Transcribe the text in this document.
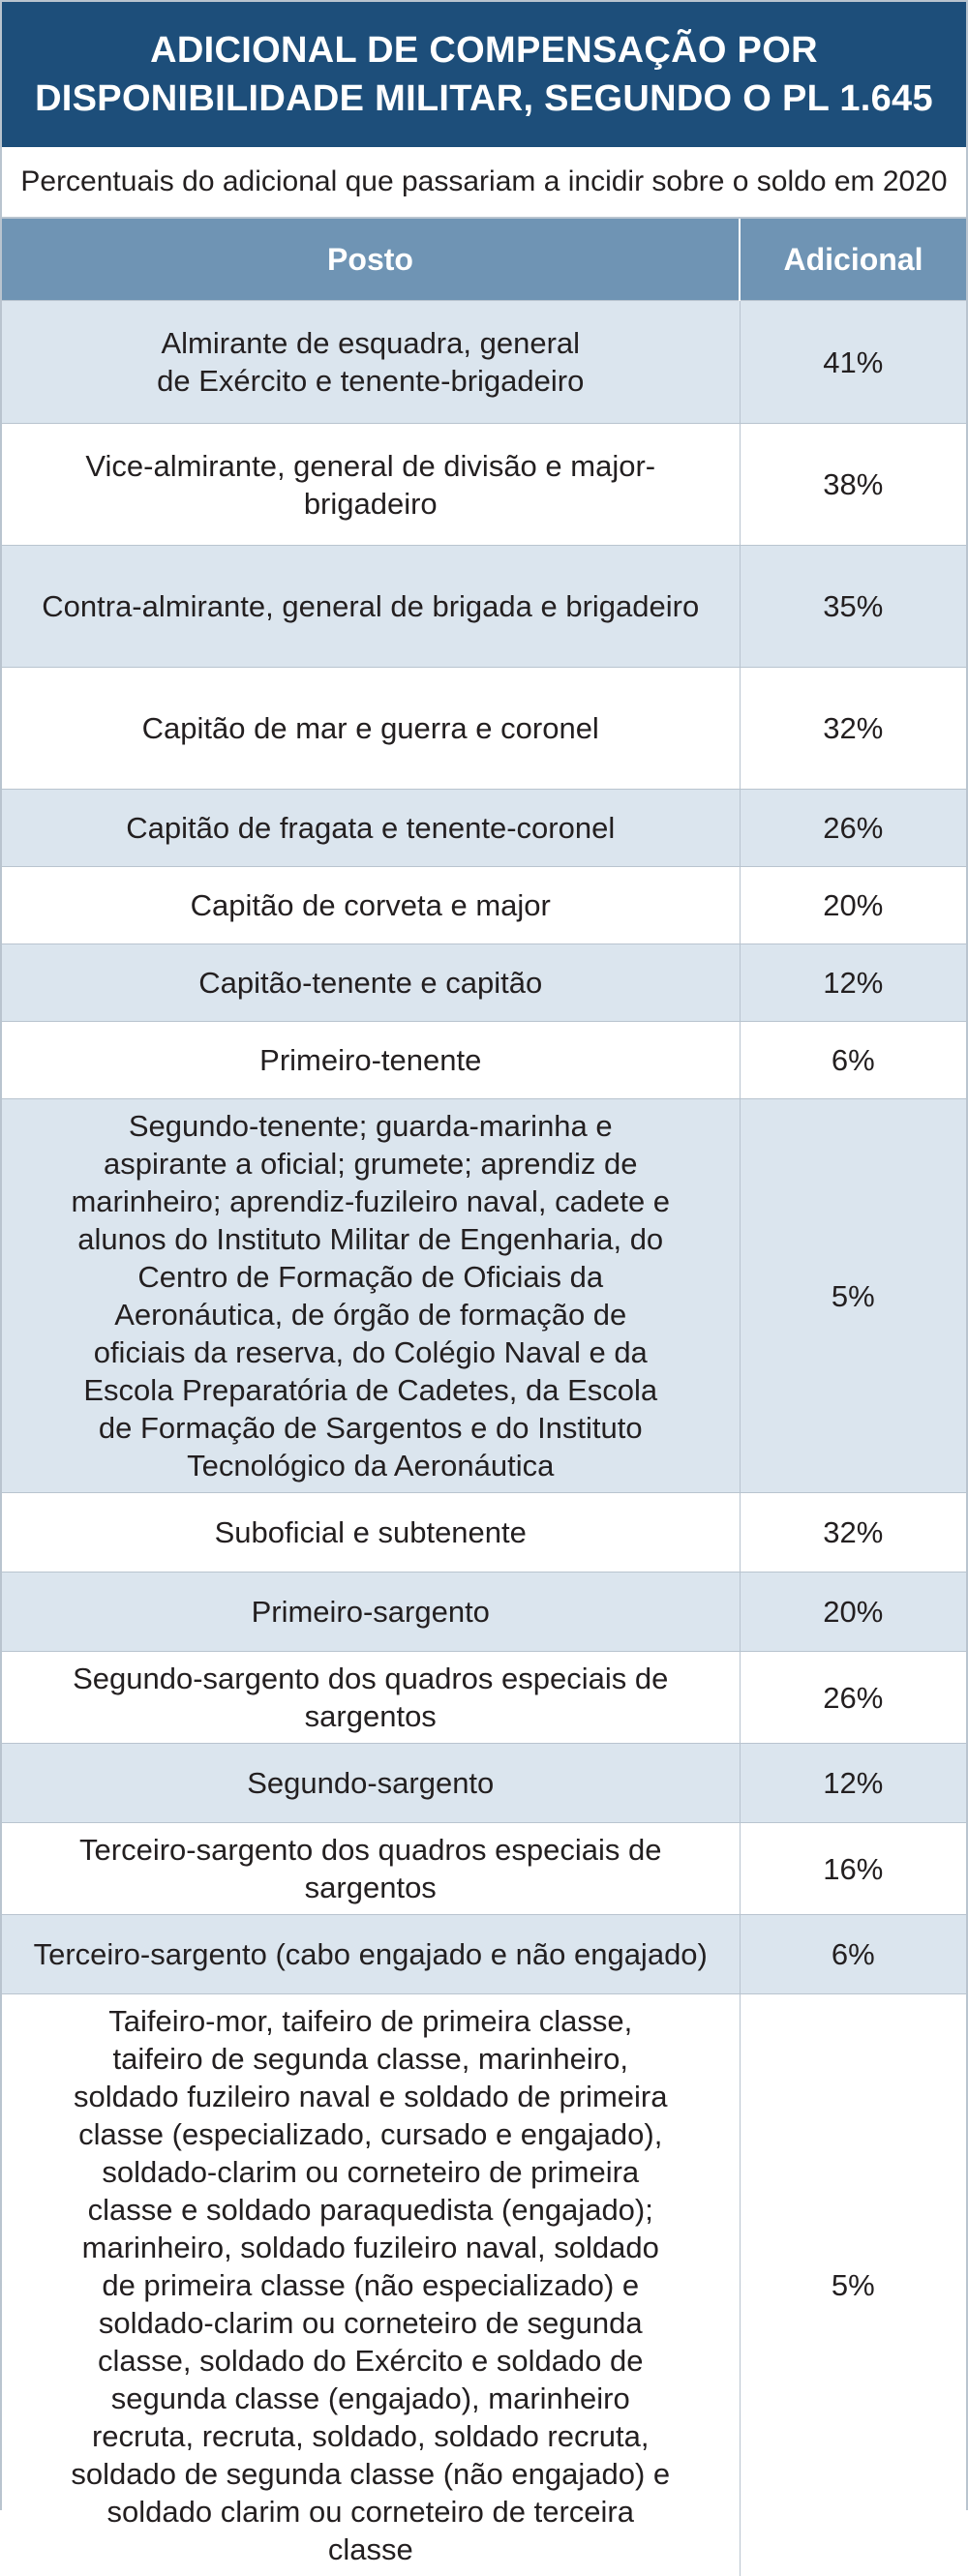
ADICIONAL DE COMPENSAÇÃO POR
DISPONIBILIDADE MILITAR, SEGUNDO O PL 1.645
Percentuais do adicional que passariam a incidir sobre o soldo em 2020
Posto	Adicional
Almirante de esquadra, general de Exército e tenente-brigadeiro	41%
Vice-almirante, general de divisão e major-brigadeiro	38%
Contra-almirante, general de brigada e brigadeiro	35%
Capitão de mar e guerra e coronel	32%
Capitão de fragata e tenente-coronel	26%
Capitão de corveta e major	20%
Capitão-tenente e capitão	12%
Primeiro-tenente	6%
Segundo-tenente; guarda-marinha e aspirante a oficial; grumete; aprendiz de marinheiro; aprendiz-fuzileiro naval, cadete e alunos do Instituto Militar de Engenharia, do Centro de Formação de Oficiais da Aeronáutica, de órgão de formação de oficiais da reserva, do Colégio Naval e da Escola Preparatória de Cadetes, da Escola de Formação de Sargentos e do Instituto Tecnológico da Aeronáutica	5%
Suboficial e subtenente	32%
Primeiro-sargento	20%
Segundo-sargento dos quadros especiais de sargentos	26%
Segundo-sargento	12%
Terceiro-sargento dos quadros especiais de sargentos	16%
Terceiro-sargento (cabo engajado e não engajado)	6%
Taifeiro-mor, taifeiro de primeira classe, taifeiro de segunda classe, marinheiro, soldado fuzileiro naval e soldado de primeira classe (especializado, cursado e engajado), soldado-clarim ou corneteiro de primeira classe e soldado paraquedista (engajado); marinheiro, soldado fuzileiro naval, soldado de primeira classe (não especializado) e soldado-clarim ou corneteiro de segunda classe, soldado do Exército e soldado de segunda classe (engajado), marinheiro recruta, recruta, soldado, soldado recruta, soldado de segunda classe (não engajado) e soldado clarim ou corneteiro de terceira classe	5%
